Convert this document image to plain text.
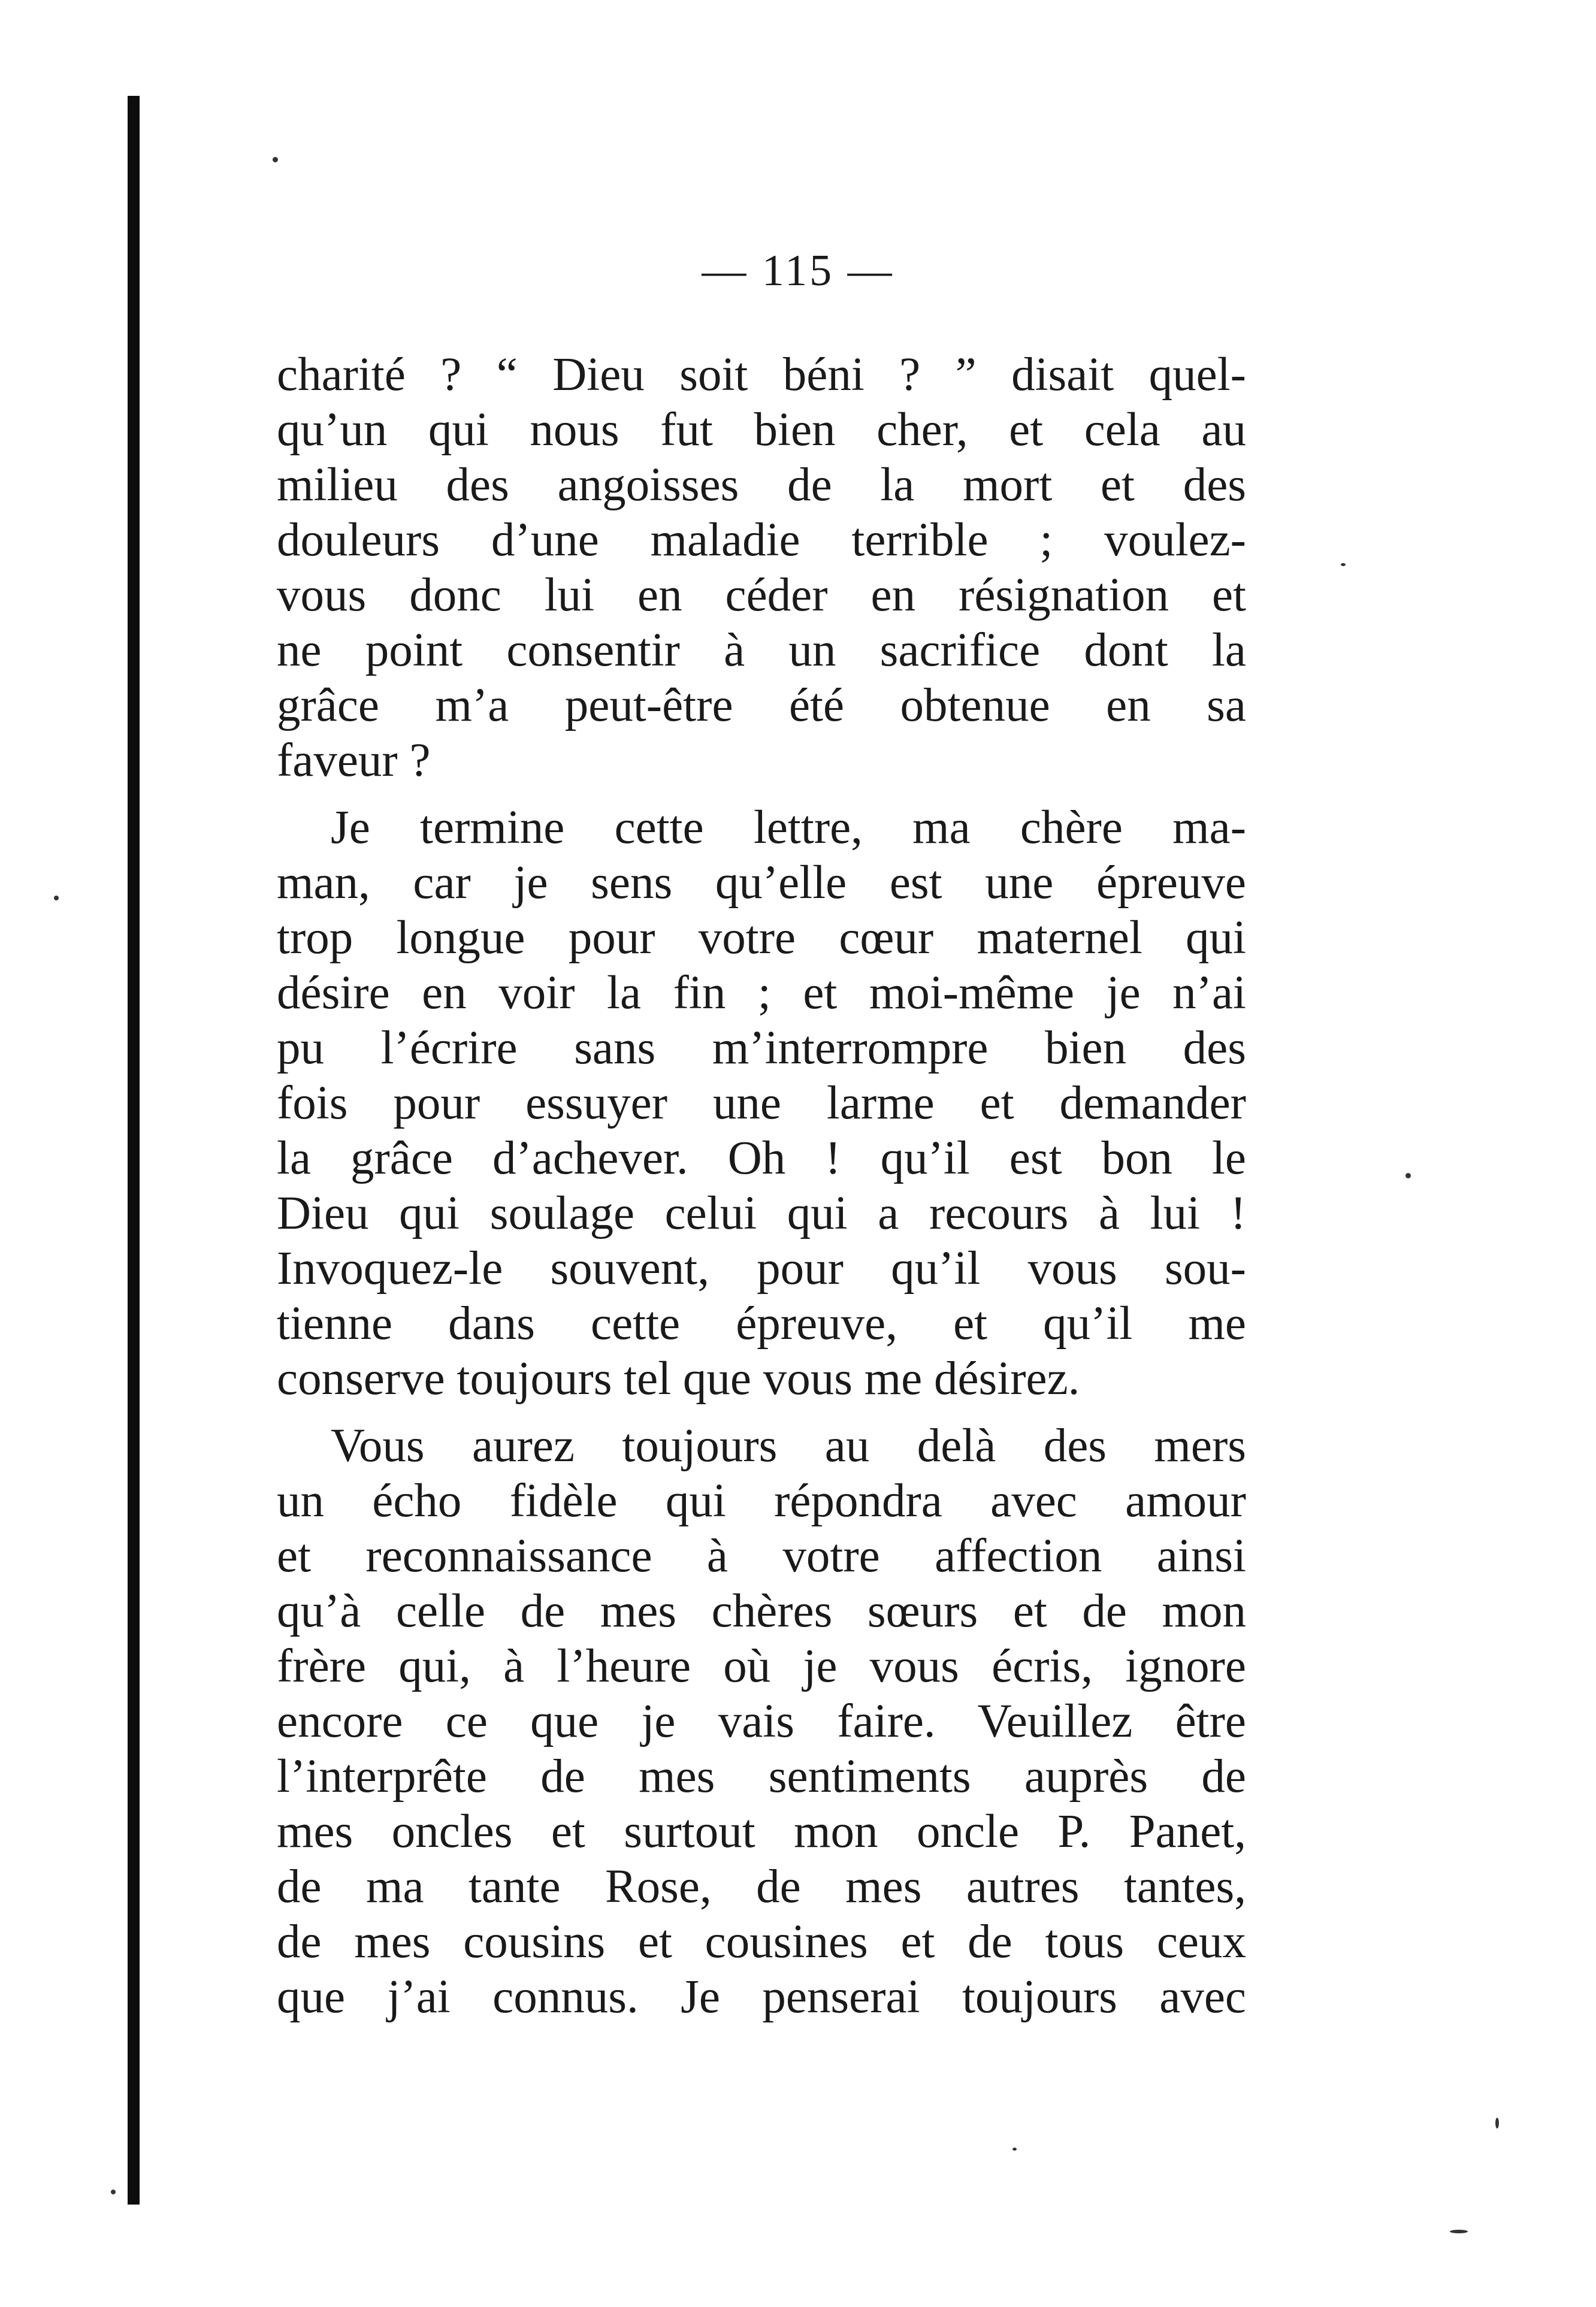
— 115 —
charité ? “ Dieu soit béni ? ” disait quel-
qu’un qui nous fut bien cher, et cela au
milieu des angoisses de la mort et des
douleurs d’une maladie terrible ; voulez-
vous donc lui en céder en résignation et
ne point consentir à un sacrifice dont la
grâce m’a peut-être été obtenue en sa
faveur ?
Je termine cette lettre, ma chère ma-
man, car je sens qu’elle est une épreuve
trop longue pour votre cœur maternel qui
désire en voir la fin ; et moi-même je n’ai
pu l’écrire sans m’interrompre bien des
fois pour essuyer une larme et demander
la grâce d’achever. Oh ! qu’il est bon le
Dieu qui soulage celui qui a recours à lui !
Invoquez-le souvent, pour qu’il vous sou-
tienne dans cette épreuve, et qu’il me
conserve toujours tel que vous me désirez.
Vous aurez toujours au delà des mers
un écho fidèle qui répondra avec amour
et reconnaissance à votre affection ainsi
qu’à celle de mes chères sœurs et de mon
frère qui, à l’heure où je vous écris, ignore
encore ce que je vais faire. Veuillez être
l’interprête de mes sentiments auprès de
mes oncles et surtout mon oncle P. Panet,
de ma tante Rose, de mes autres tantes,
de mes cousins et cousines et de tous ceux
que j’ai connus. Je penserai toujours avec
